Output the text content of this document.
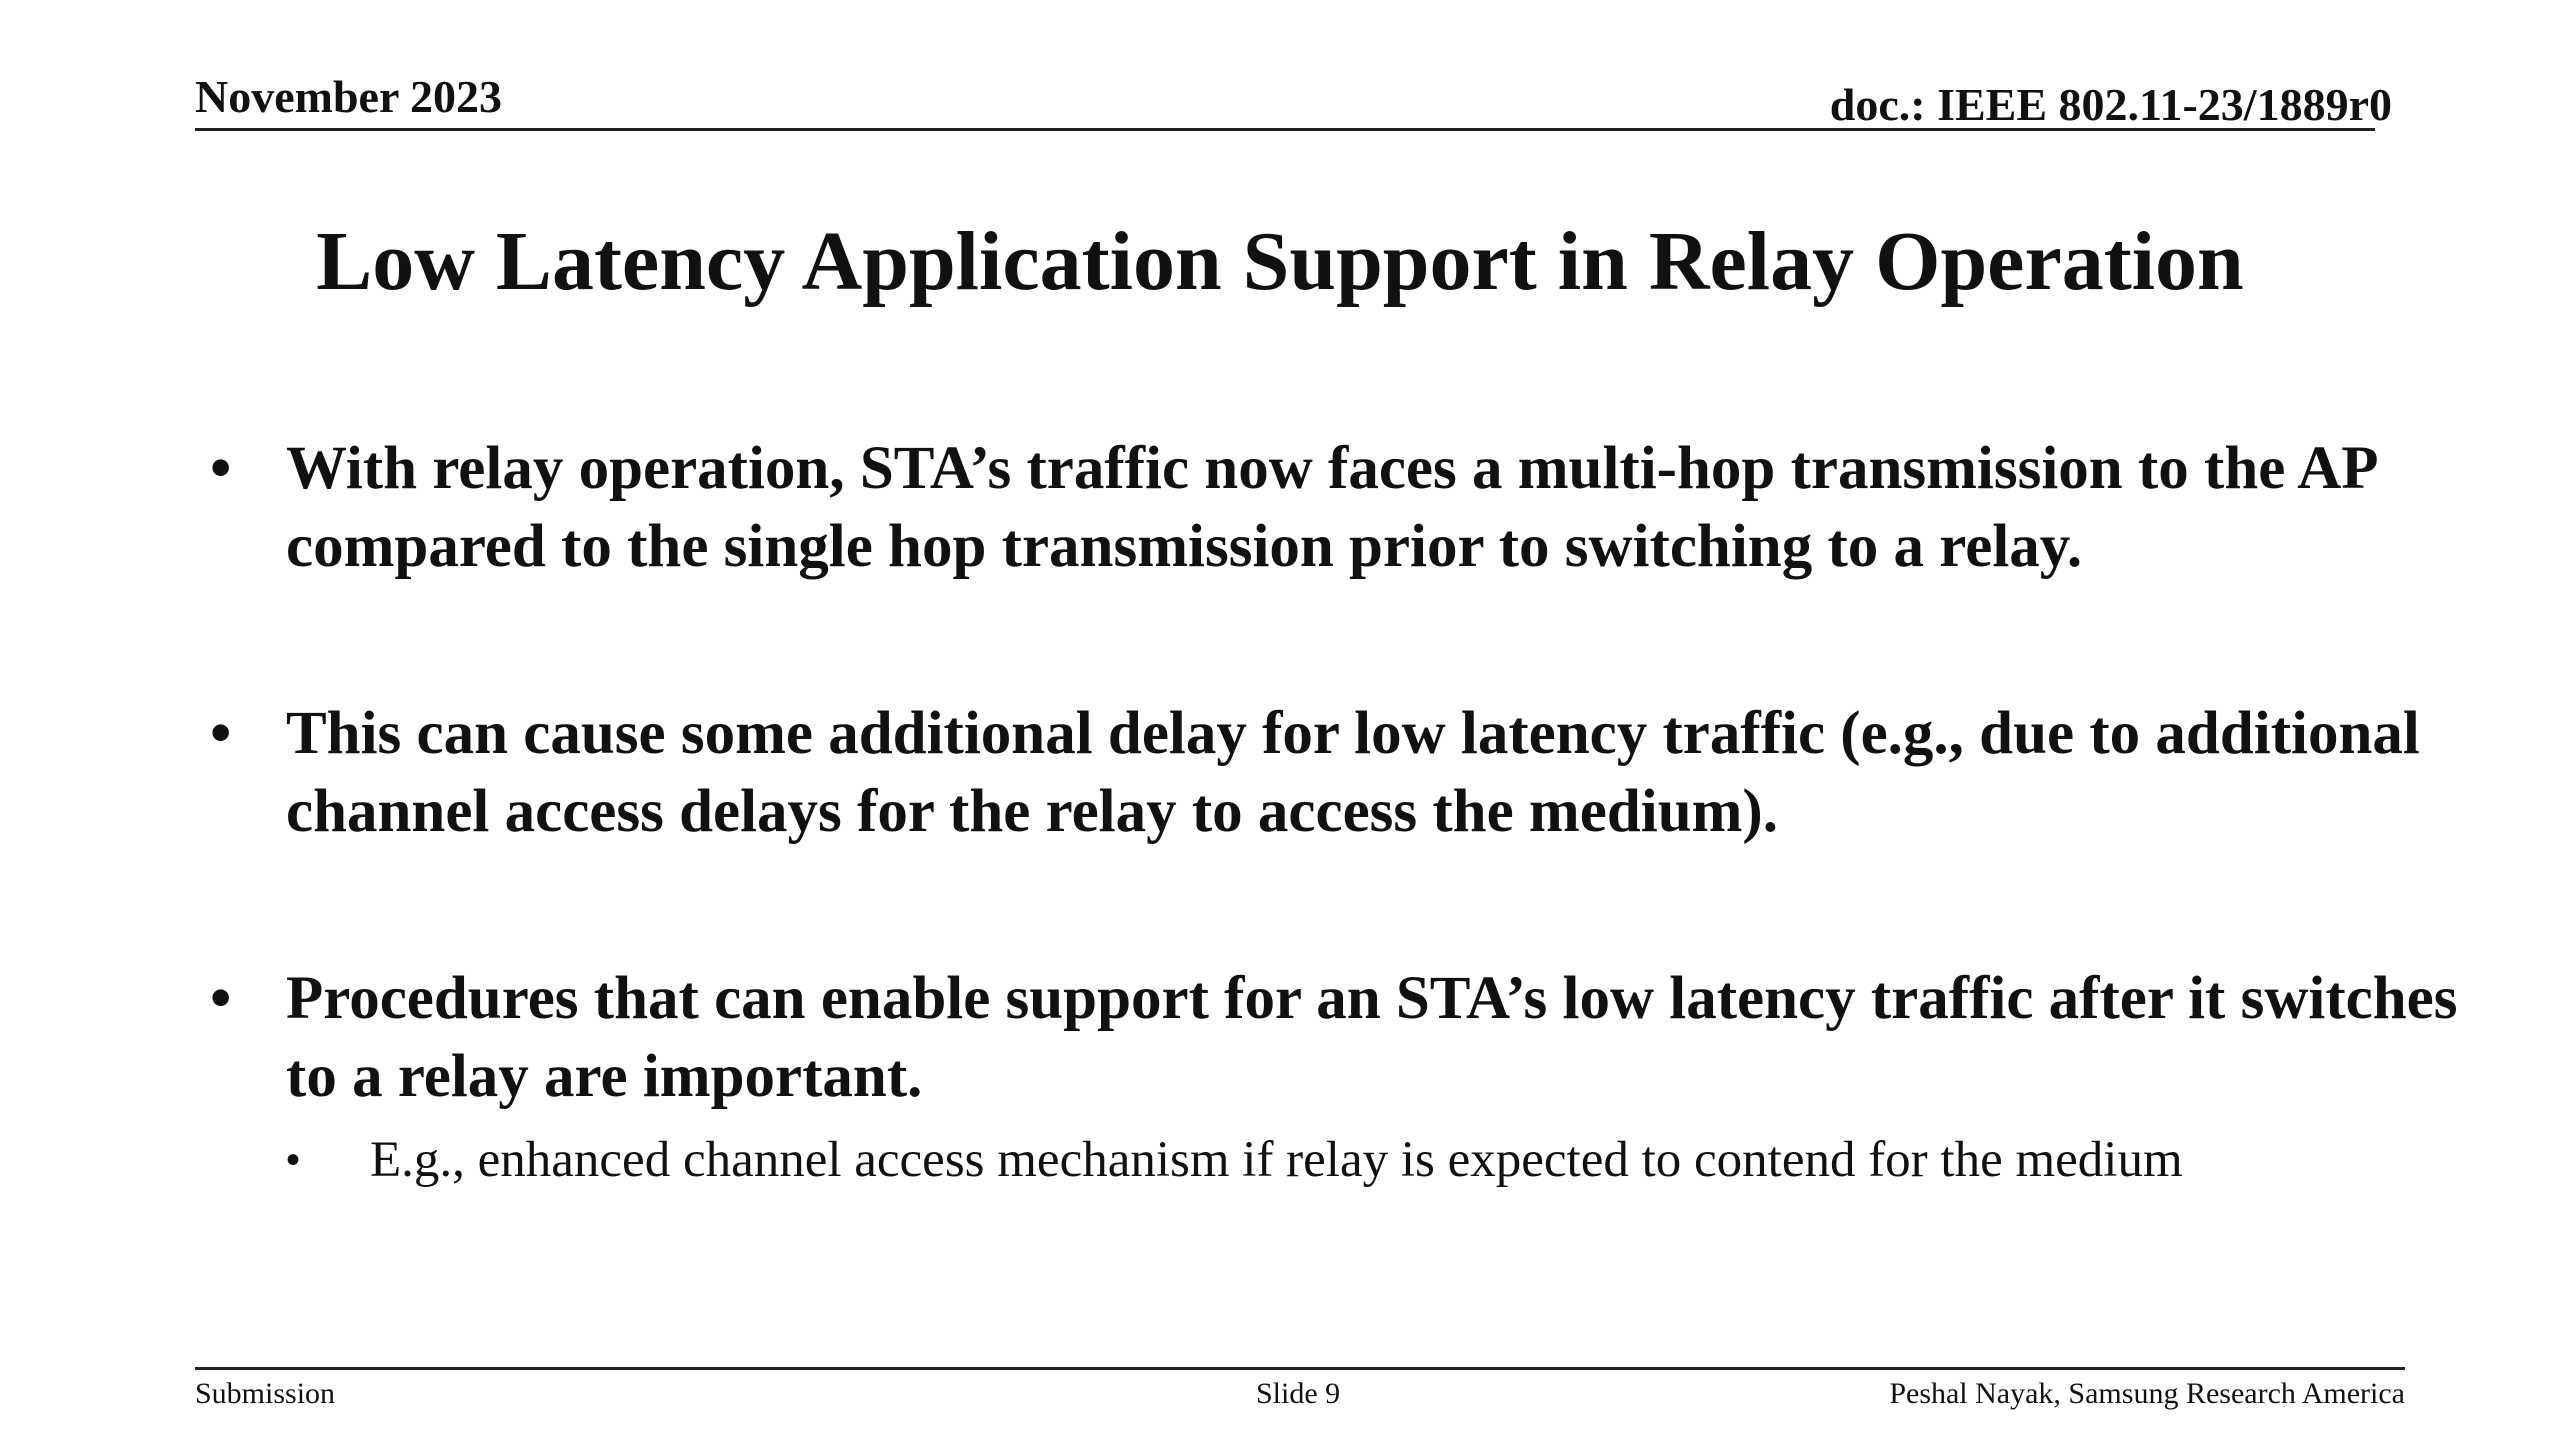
November 2023	doc.: IEEE 802.11-23/1889r0
Low Latency Application Support in Relay Operation
• With relay operation, STA’s traffic now faces a multi-hop transmission to the AP compared to the single hop transmission prior to switching to a relay.
• This can cause some additional delay for low latency traffic (e.g., due to additional channel access delays for the relay to access the medium).
• Procedures that can enable support for an STA’s low latency traffic after it switches to a relay are important.
• E.g., enhanced channel access mechanism if relay is expected to contend for the medium
Submission	Slide 9	Peshal Nayak, Samsung Research America
